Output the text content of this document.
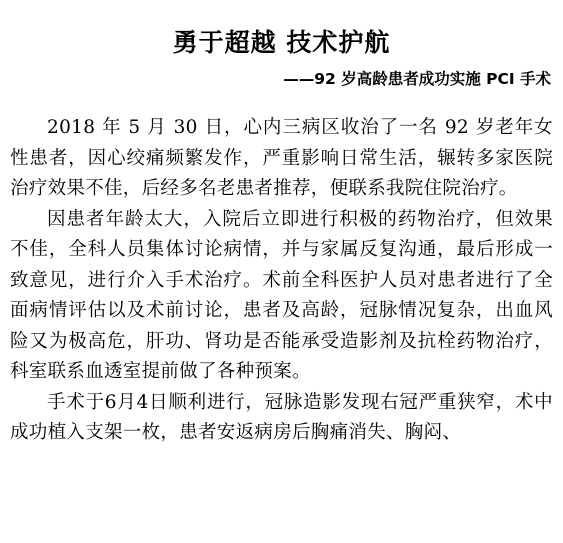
勇于超越 技术护航
——92 岁高龄患者成功实施 PCI 手术

2018 年 5 月 30 日，心内三病区收治了一名 92 岁老年女性患者，因心绞痛频繁发作，严重影响日常生活，辗转多家医院治疗效果不佳，后经多名老患者推荐，便联系我院住院治疗。

因患者年龄太大，入院后立即进行积极的药物治疗，但效果不佳，全科人员集体讨论病情，并与家属反复沟通，最后形成一致意见，进行介入手术治疗。术前全科医护人员对患者进行了全面病情评估以及术前讨论，患者及高龄，冠脉情况复杂，出血风险又为极高危，肝功、肾功是否能承受造影剂及抗栓药物治疗，科室联系血透室提前做了各种预案。

手术于6月4日顺利进行，冠脉造影发现右冠严重狭窄，术中成功植入支架一枚，患者安返病房后胸痛消失、胸闷、
